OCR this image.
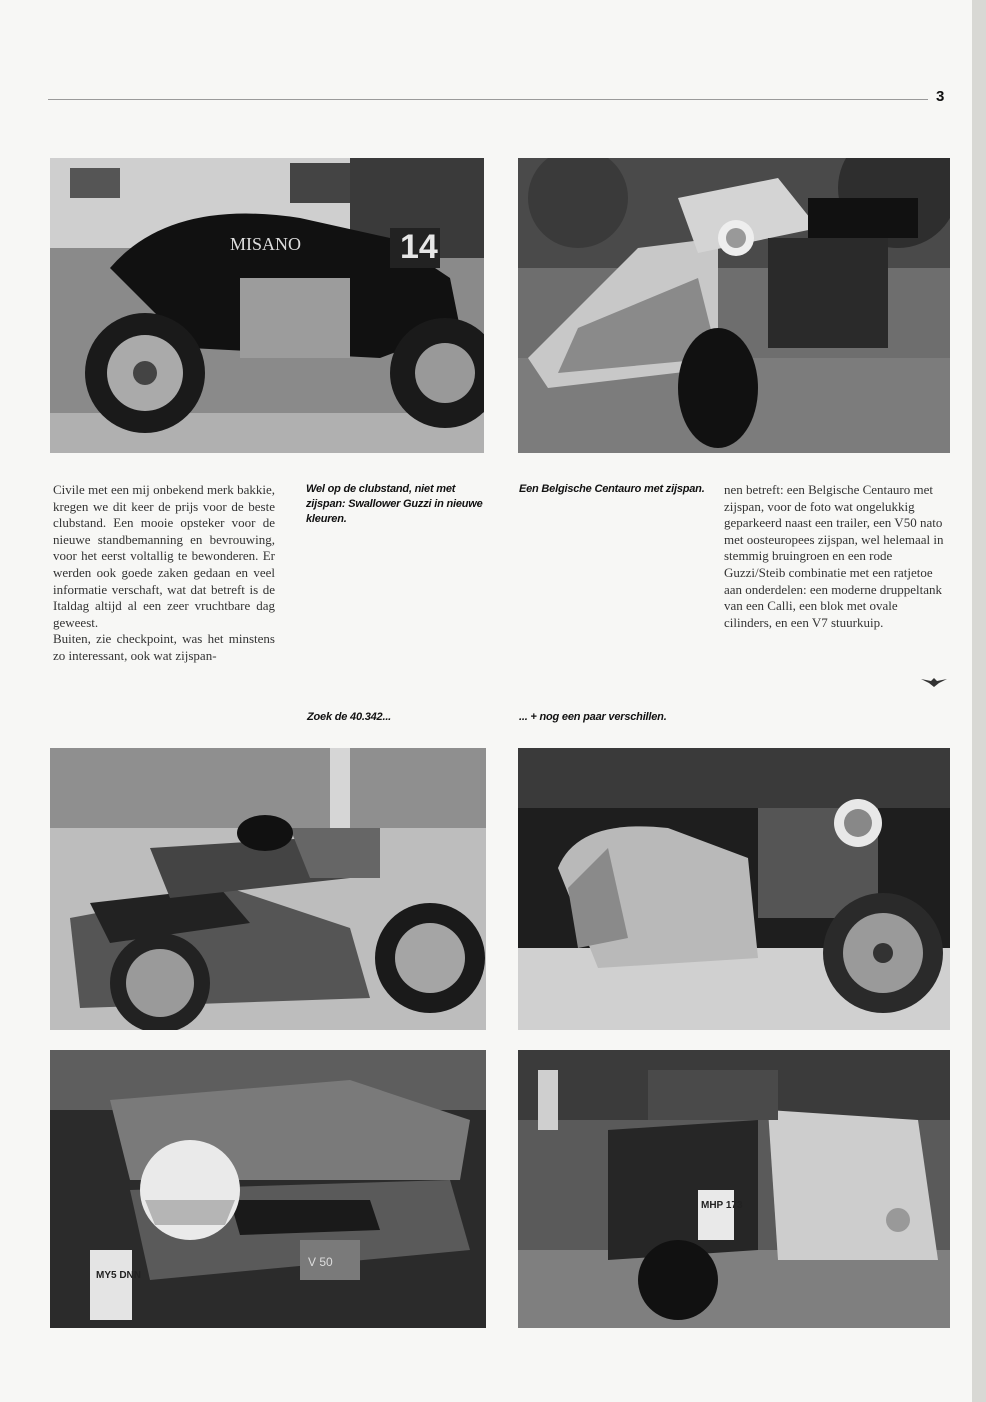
3
14
MISANO
V 50
MY5 DNN
MHP 173
Wel op de clubstand, niet met zijspan: Swallower Guzzi in nieuwe kleuren.
Een Belgische Centauro met zijspan.
Zoek de 40.342...	... + nog een paar verschillen.

Civile met een mij onbekend merk bakkie, kregen we dit keer de prijs voor de beste clubstand. Een mooie opsteker voor de nieuwe standbemanning en bevrouwing, voor het eerst voltallig te bewonderen. Er werden ook goede zaken gedaan en veel informatie verschaft, wat dat betreft is de Italdag altijd al een zeer vruchtbare dag geweest.

Buiten, zie checkpoint, was het minstens zo interessant, ook wat zijspan-

nen betreft: een Belgische Centauro met zijspan, voor de foto wat ongelukkig geparkeerd naast een trailer, een V50 nato met oosteuropees zijspan, wel helemaal in stemmig bruingroen en een rode Guzzi/Steib combinatie met een ratjetoe aan onderdelen: een moderne druppeltank van een Calli, een blok met ovale cilinders, en een V7 stuurkuip.
